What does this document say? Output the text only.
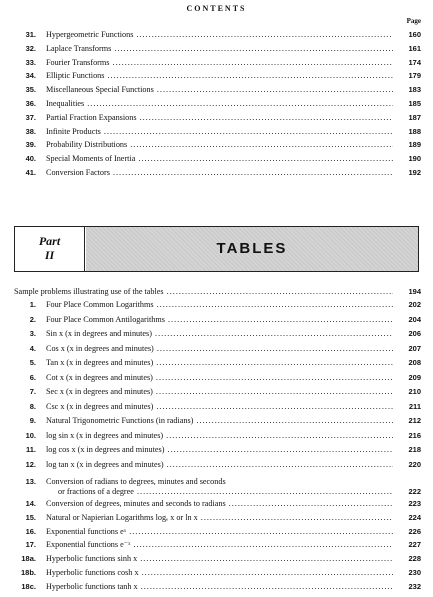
CONTENTS
Page
31. Hypergeometric Functions .....	160
32. Laplace Transforms .....	161
33. Fourier Transforms .....	174
34. Elliptic Functions .....	179
35. Miscellaneous Special Functions .....	183
36. Inequalities .....	185
37. Partial Fraction Expansions .....	187
38. Infinite Products .....	188
39. Probability Distributions .....	189
40. Special Moments of Inertia .....	190
41. Conversion Factors .....	192
Part
II	TABLES
Sample problems illustrating use of the tables .....	194
1. Four Place Common Logarithms .....	202
2. Four Place Common Antilogarithms .....	204
3. Sin x (x in degrees and minutes) .....	206
4. Cos x (x in degrees and minutes) .....	207
5. Tan x (x in degrees and minutes) .....	208
6. Cot x (x in degrees and minutes) .....	209
7. Sec x (x in degrees and minutes) .....	210
8. Csc x (x in degrees and minutes) .....	211
9. Natural Trigonometric Functions (in radians) .....	212
10. log sin x (x in degrees and minutes) .....	216
11. log cos x (x in degrees and minutes) .....	218
12. log tan x (x in degrees and minutes) .....	220
13. Conversion of radians to degrees, minutes and seconds
or fractions of a degree .....	222
14. Conversion of degrees, minutes and seconds to radians .....	223
15. Natural or Napierian Logarithms logₑ x or ln x .....	224
16. Exponential functions eˣ .....	226
17. Exponential functions e⁻ˣ .....	227
18a. Hyperbolic functions sinh x .....	228
18b. Hyperbolic functions cosh x .....	230
18c. Hyperbolic functions tanh x .....	232
